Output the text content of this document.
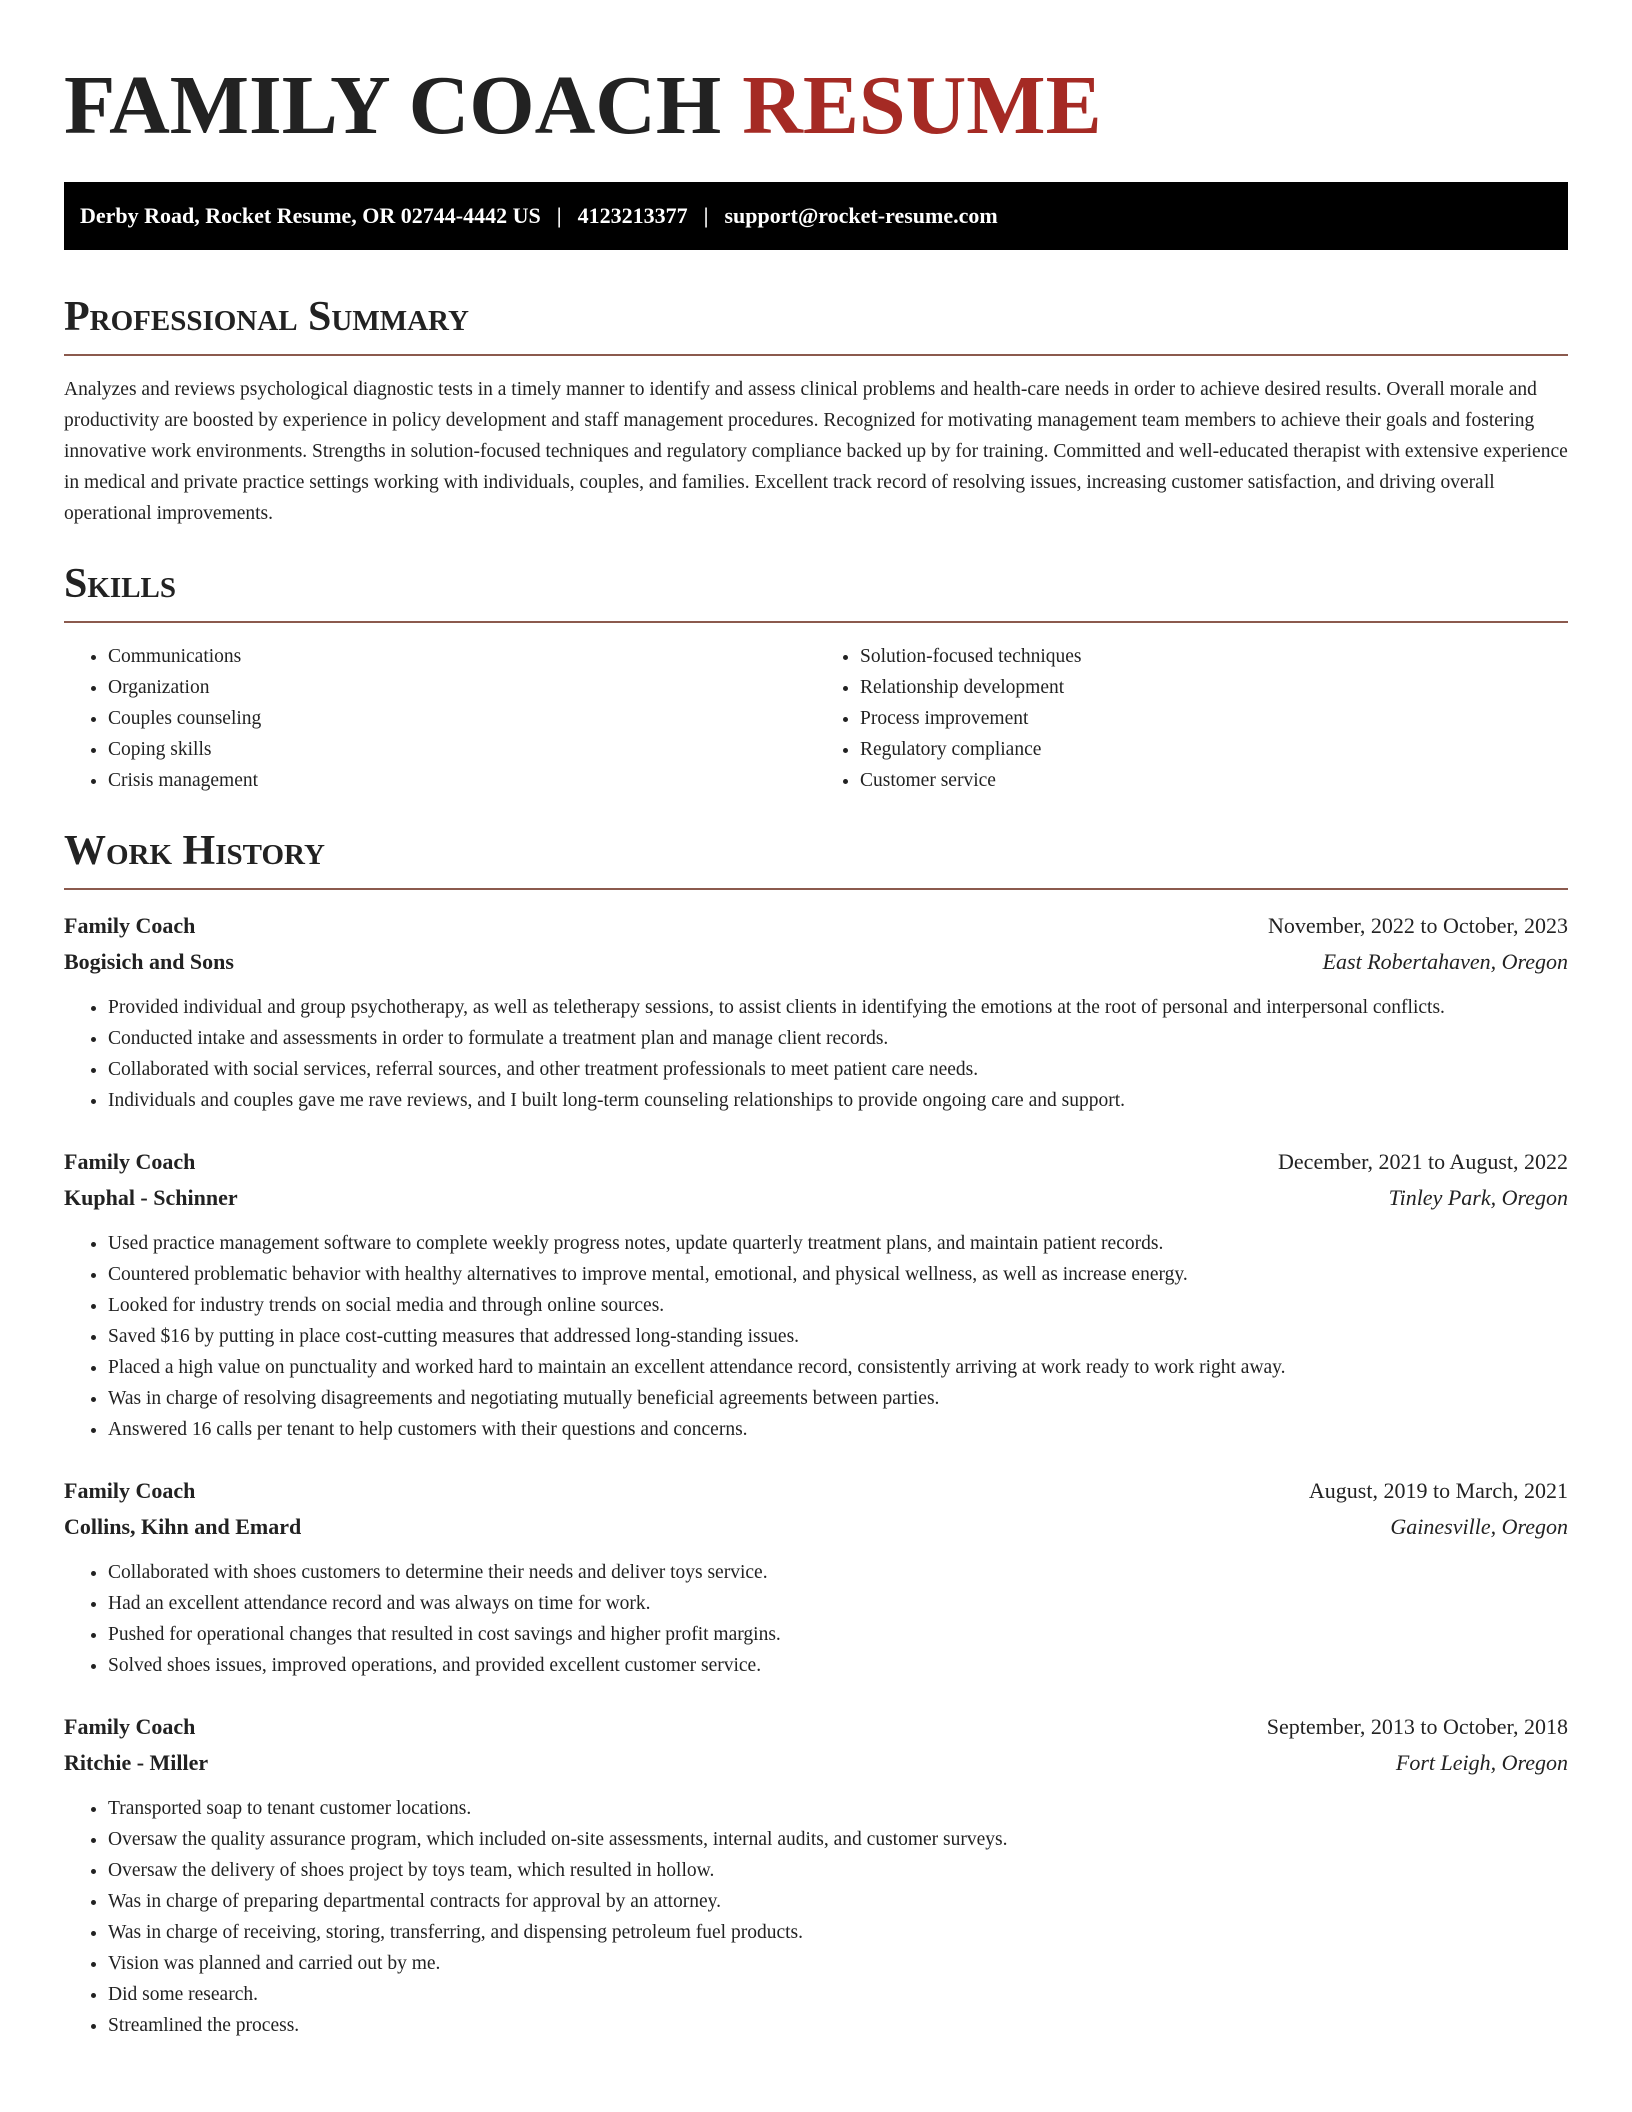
FAMILY COACH RESUME
Derby Road, Rocket Resume, OR 02744-4442 US | 4123213377 | support@rocket-resume.com
Professional Summary

Analyzes and reviews psychological diagnostic tests in a timely manner to identify and assess clinical problems and health-care needs in order to achieve desired results. Overall morale and productivity are boosted by experience in policy development and staff management procedures. Recognized for motivating management team members to achieve their goals and fostering innovative work environments. Strengths in solution-focused techniques and regulatory compliance backed up by for training. Committed and well-educated therapist with extensive experience in medical and private practice settings working with individuals, couples, and families. Excellent track record of resolving issues, increasing customer satisfaction, and driving overall operational improvements.

Skills
• Communications
• Organization
• Couples counseling
• Coping skills
• Crisis management
• Solution-focused techniques
• Relationship development
• Process improvement
• Regulatory compliance
• Customer service
Work History
Family Coach	November, 2022 to October, 2023
Bogisich and Sons	East Robertahaven, Oregon
• Provided individual and group psychotherapy, as well as teletherapy sessions, to assist clients in identifying the emotions at the root of personal and interpersonal conflicts.
• Conducted intake and assessments in order to formulate a treatment plan and manage client records.
• Collaborated with social services, referral sources, and other treatment professionals to meet patient care needs.
• Individuals and couples gave me rave reviews, and I built long-term counseling relationships to provide ongoing care and support.
Family Coach	December, 2021 to August, 2022
Kuphal - Schinner	Tinley Park, Oregon
• Used practice management software to complete weekly progress notes, update quarterly treatment plans, and maintain patient records.
• Countered problematic behavior with healthy alternatives to improve mental, emotional, and physical wellness, as well as increase energy.
• Looked for industry trends on social media and through online sources.
• Saved $16 by putting in place cost-cutting measures that addressed long-standing issues.
• Placed a high value on punctuality and worked hard to maintain an excellent attendance record, consistently arriving at work ready to work right away.
• Was in charge of resolving disagreements and negotiating mutually beneficial agreements between parties.
• Answered 16 calls per tenant to help customers with their questions and concerns.
Family Coach	August, 2019 to March, 2021
Collins, Kihn and Emard	Gainesville, Oregon
• Collaborated with shoes customers to determine their needs and deliver toys service.
• Had an excellent attendance record and was always on time for work.
• Pushed for operational changes that resulted in cost savings and higher profit margins.
• Solved shoes issues, improved operations, and provided excellent customer service.
Family Coach	September, 2013 to October, 2018
Ritchie - Miller	Fort Leigh, Oregon
• Transported soap to tenant customer locations.
• Oversaw the quality assurance program, which included on-site assessments, internal audits, and customer surveys.
• Oversaw the delivery of shoes project by toys team, which resulted in hollow.
• Was in charge of preparing departmental contracts for approval by an attorney.
• Was in charge of receiving, storing, transferring, and dispensing petroleum fuel products.
• Vision was planned and carried out by me.
• Did some research.
• Streamlined the process.
